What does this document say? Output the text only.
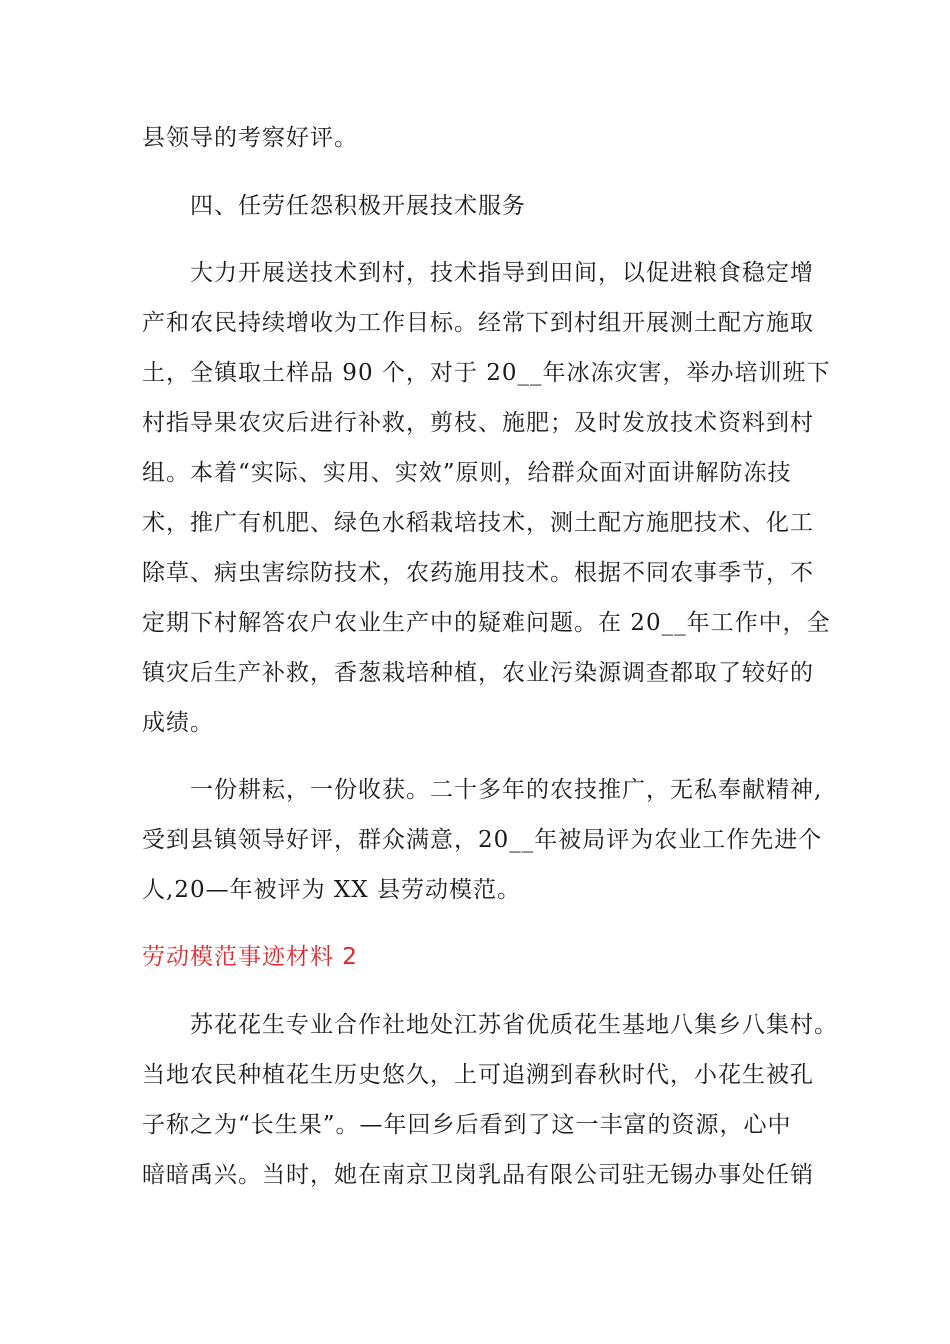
县领导的考察好评。
四、任劳任怨积极开展技术服务
大力开展送技术到村，技术指导到田间，以促进粮食稳定增
产和农民持续增收为工作目标。经常下到村组开展测土配方施取
土，全镇取土样品 90 个，对于 20__年冰冻灾害，举办培训班下
村指导果农灾后进行补救，剪枝、施肥；及时发放技术资料到村
组。本着“实际、实用、实效”原则，给群众面对面讲解防冻技
术，推广有机肥、绿色水稻栽培技术，测土配方施肥技术、化工
除草、病虫害综防技术，农药施用技术。根据不同农事季节，不
定期下村解答农户农业生产中的疑难问题。在 20__年工作中，全
镇灾后生产补救，香葱栽培种植，农业污染源调查都取了较好的
成绩。
一份耕耘，一份收获。二十多年的农技推广，无私奉献精神,
受到县镇领导好评，群众满意，20__年被局评为农业工作先进个
人,20—年被评为 XX 县劳动模范。
劳动模范事迹材料 2
苏花花生专业合作社地处江苏省优质花生基地八集乡八集村。
当地农民种植花生历史悠久，上可追溯到春秋时代，小花生被孔
子称之为“长生果”。—年回乡后看到了这一丰富的资源，心中
暗暗禹兴。当时，她在南京卫岗乳品有限公司驻无锡办事处任销
